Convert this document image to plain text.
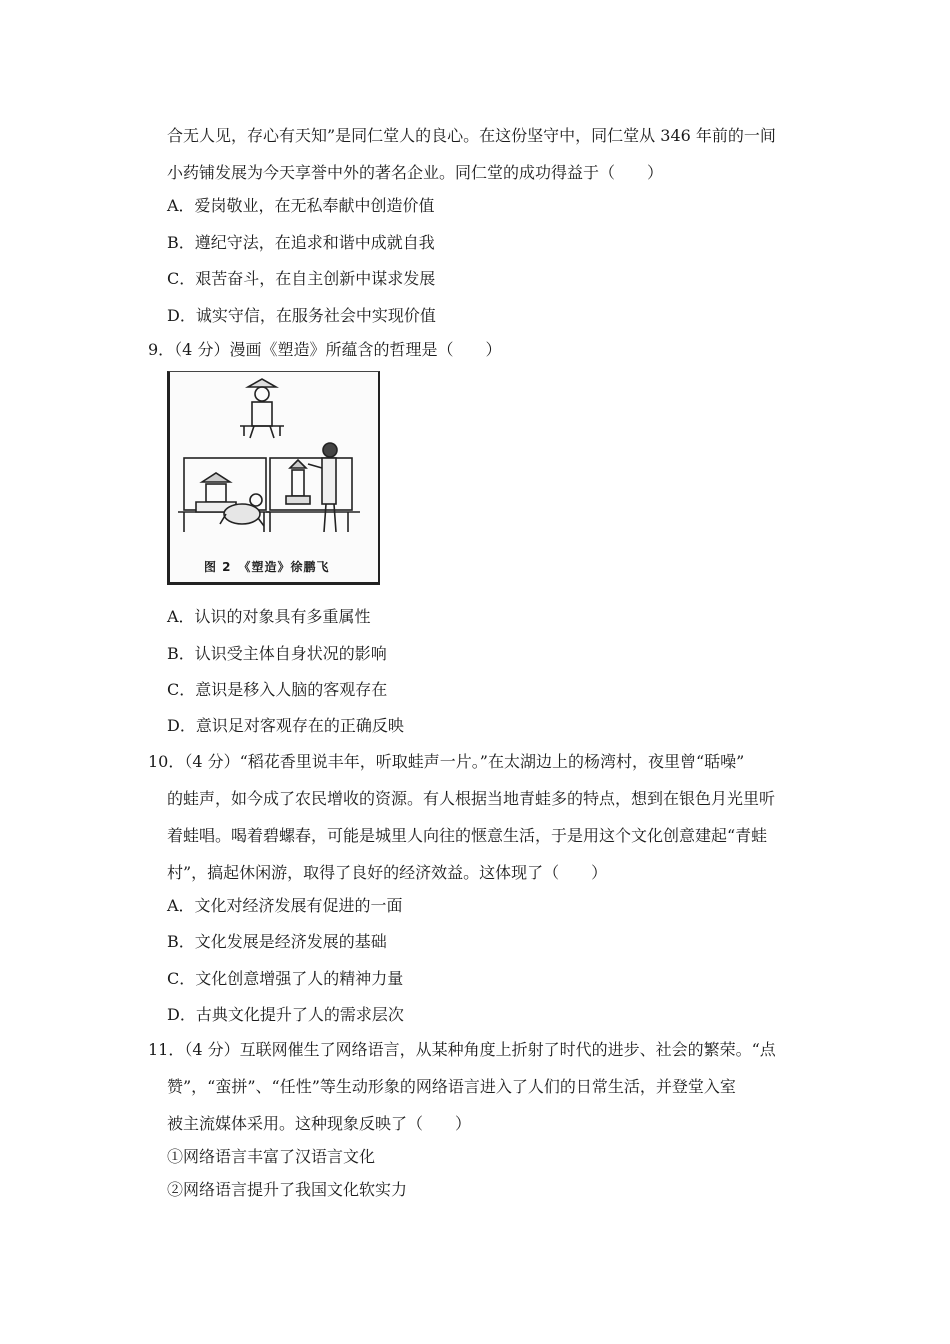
合无人见，存心有天知”是同仁堂人的良心。在这份坚守中，同仁堂从 346 年前的一间
小药铺发展为今天享誉中外的著名企业。同仁堂的成功得益于（　　）
A．爱岗敬业，在无私奉献中创造价值
B．遵纪守法，在追求和谐中成就自我
C．艰苦奋斗，在自主创新中谋求发展
D．诚实守信，在服务社会中实现价值
9．（4 分）漫画《塑造》所蕴含的哲理是（　　）
图 2　《塑造》徐鹏飞
A．认识的对象具有多重属性
B．认识受主体自身状况的影响
C．意识是移入人脑的客观存在
D．意识足对客观存在的正确反映
10．（4 分）“稻花香里说丰年，听取蛙声一片。”在太湖边上的杨湾村，夜里曾“聒噪”
的蛙声，如今成了农民增收的资源。有人根据当地青蛙多的特点，想到在银色月光里听
着蛙唱。喝着碧螺春，可能是城里人向往的惬意生活，于是用这个文化创意建起“青蛙
村”，搞起休闲游，取得了良好的经济效益。这体现了（　　）
A．文化对经济发展有促进的一面
B．文化发展是经济发展的基础
C．文化创意增强了人的精神力量
D．古典文化提升了人的需求层次
11．（4 分）互联网催生了网络语言，从某种角度上折射了时代的进步、社会的繁荣。“点
赞”，“蛮拼”、“任性”等生动形象的网络语言进入了人们的日常生活，并登堂入室
被主流媒体采用。这种现象反映了（　　）
①网络语言丰富了汉语言文化
②网络语言提升了我国文化软实力
